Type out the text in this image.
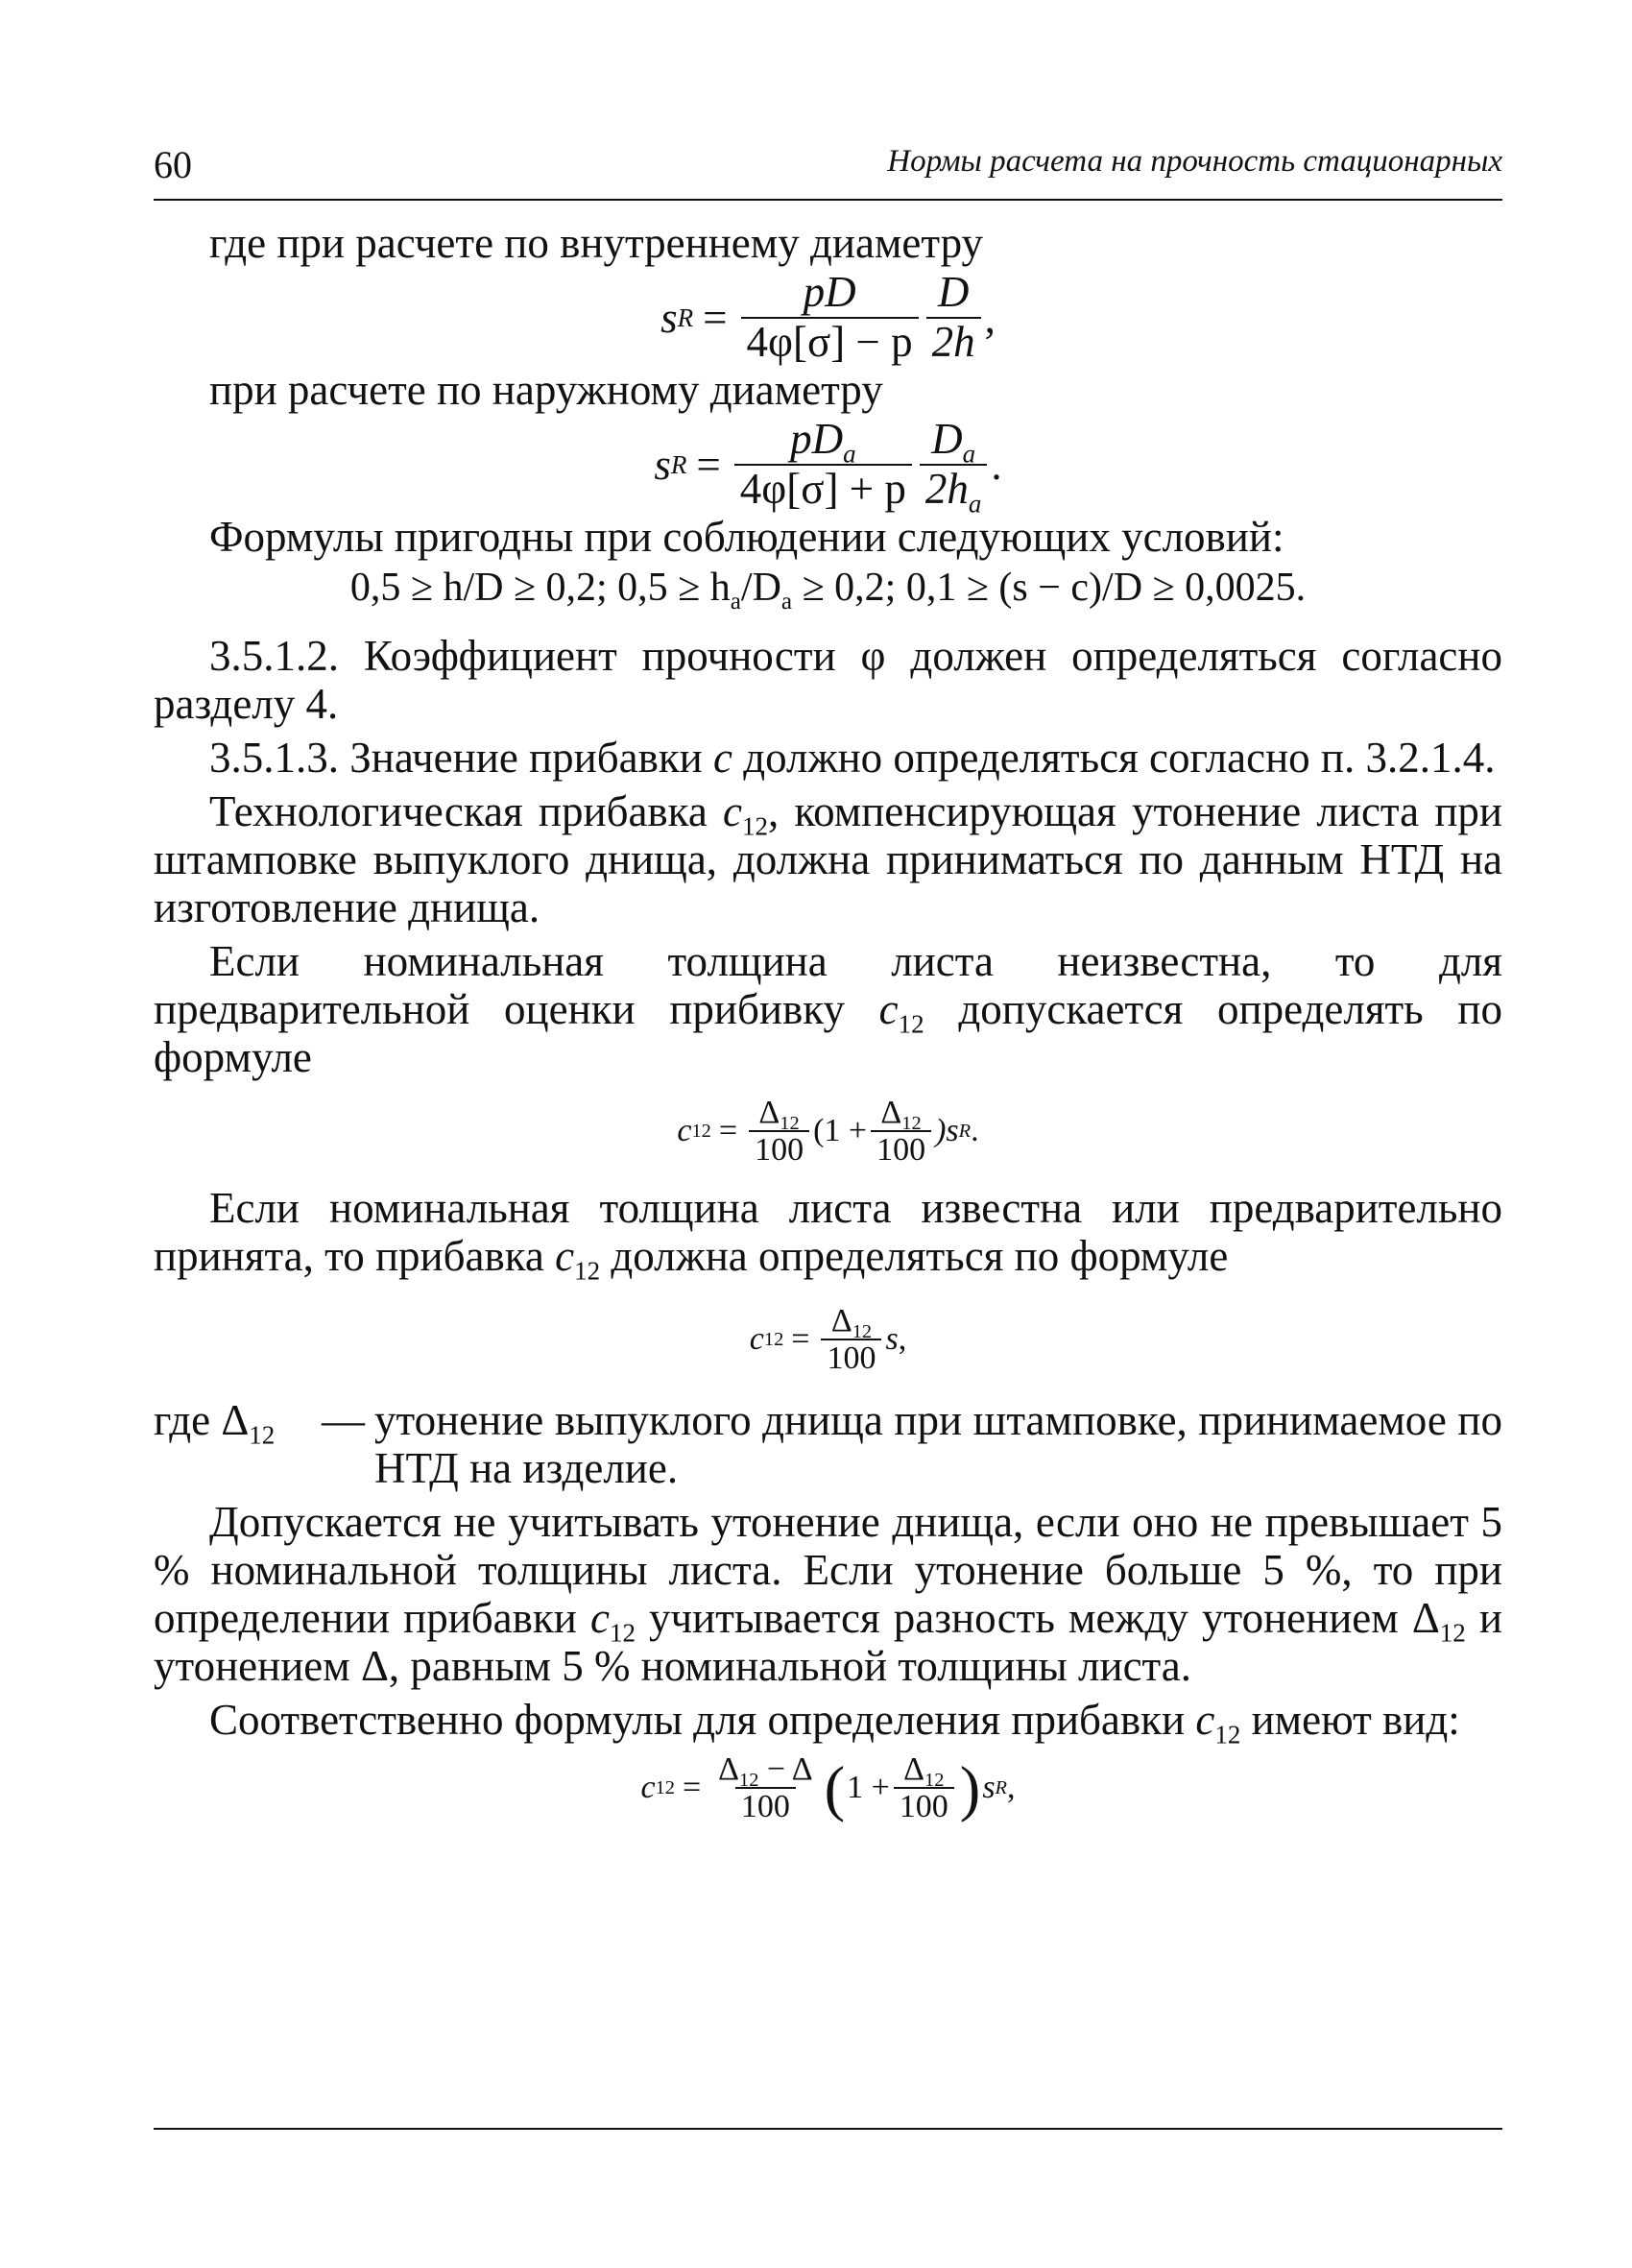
60	Нормы расчета на прочность стационарных

где при расчете по внутреннему диаметру

s $R = \frac{pD}{4\varphi[\sigma] - p} \frac{D}{2h}$ ,

при расчете по наружному диаметру

s $R = \frac{pD_a}{4\varphi[\sigma] + p} \frac{D_a}{2h_a}$ .

Формулы пригодны при соблюдении следующих условий:

0,5 ≥ h/D ≥ 0,2; $0,5 \ge h_a/D_a \ge 0,2$; 0,1 ≥ (s − c)/D ≥ 0,0025.

3.5.1.2. Коэффициент прочности φ должен определяться согласно разделу 4.

3.5.1.3. Значение прибавки c должно определяться согласно п. 3.2.1.4.

Технологическая прибавка $c_{12}$, компенсирующая утонение листа при штамповке выпуклого днища, должна приниматься по данным НТД на изготовление днища.

Если номинальная толщина листа неизвестна, то для предварительной оценки прибивку $c_{12}$ допускается определять по формуле

c $12 = \frac{\Delta_{12}}{100} (1 + \frac{\Delta_{12}}{100} )s$ R .

Если номинальная толщина листа известна или предварительно принята, то прибавка $c_{12}$ должна определяться по формуле

c $12 = \frac{\Delta_{12}}{100}$ s ,
где $\Delta_{12}$	— утонение выпуклого днища при штамповке, принимаемое по НТД на изделие.

Допускается не учитывать утонение днища, если оно не превышает 5 % номинальной толщины листа. Если утонение больше 5 %, то при определении прибавки $c_{12}$ учитывается разность между утонением $\Delta_{12}$ и утонением Δ, равным 5 % номинальной толщины листа.

Соответственно формулы для определения прибавки $c_{12}$ имеют вид:

c $12 = \frac{\Delta_{12} - \Delta}{100}$ ( $1 + \frac{\Delta_{12}}{100}$ ) s R ,
